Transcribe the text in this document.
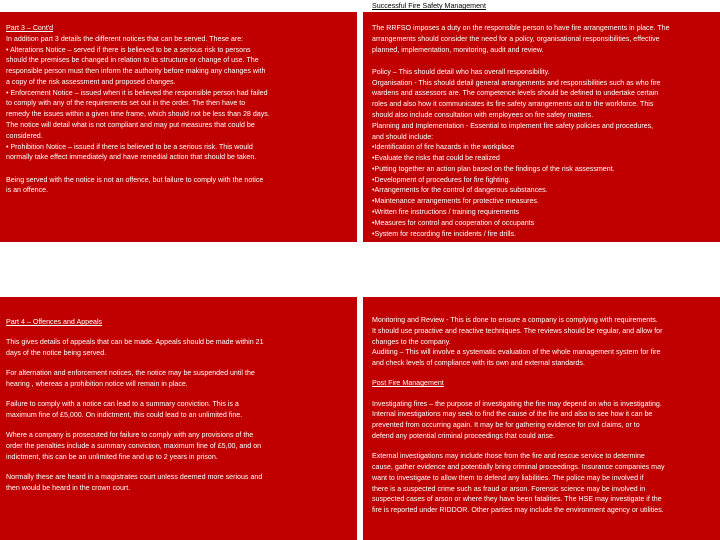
Successful Fire Safety Management
Part 3 – Cont'd
In addition part 3 details the different notices that can be served. These are:
• Alterations Notice – served if there is believed to be a serious risk to persons
should the premises be changed in relation to its structure or change of use. The
responsible person must then inform the authority before making any changes with
a copy of the risk assessment and proposed changes.
• Enforcement Notice – issued when it is believed the responsible person had failed
to comply with any of the requirements set out in the order. The then have to
remedy the issues within a given time frame, which should not be less than 28 days.
The notice will detail what is not compliant and may put measures that could be
considered.
• Prohibition Notice – issued if there is believed to be a serious risk. This would
normally take effect immediately and have remedial action that should be taken.
Being served with the notice is not an offence, but failure to comply with the notice
is an offence.
The RRFSO imposes a duty on the responsible person to have fire arrangements in place. The
arrangements should consider the need for a policy, organisational responsibilities, effective
planned, implementation, monitoring, audit and review.
Policy – This should detail who has overall responsibility.
Organisation - This should detail general arrangements and responsibilities such as who fire
wardens and assessors are. The competence levels should be defined to undertake certain
roles and also how it communicates its fire safety arrangements out to the workforce. This
should also include consultation with employees on fire safety matters.
Planning and Implementation - Essential to implement fire safety policies and procedures,
and should include:
•Identification of fire hazards in the workplace
•Evaluate the risks that could be realized
•Putting together an action plan based on the findings of the risk assessment.
•Development of procedures for fire fighting.
•Arrangements for the control of dangerous substances.
•Maintenance arrangements for protective measures.
•Written fire instructions / training requirements
•Measures for control and cooperation of occupants
•System for recording fire incidents / fire drills.
Part 4 – Offences and Appeals
This gives details of appeals that can be made. Appeals should be made within 21
days of the notice being served.
For alternation and enforcement notices, the notice may be suspended until the
hearing , whereas a prohibition notice will remain in place.
Failure to comply with a notice can lead to a summary conviction. This is a
maximum fine of £5,000. On indictment, this could lead to an unlimited fine.
Where a company is prosecuted for failure to comply with any provisions of the
order the penalties include a summary conviction, maximum fine of £5,00, and on
indictment, this can be an unlimited fine and up to 2 years in prison.
Normally these are heard in a magistrates court unless deemed more serious and
then would be heard in the crown court.
Monitoring and Review - This is done to ensure a company is complying with requirements.
It should use proactive and reactive techniques. The reviews should be regular, and allow for
changes to the company.
Auditing – This will involve a systematic evaluation of the whole management system for fire
and check levels of compliance with its own and external standards.
Post Fire Management
Investigating fires – the purpose of investigating the fire may depend on who is investigating.
Internal investigations may seek to find the cause of the fire and also to see how it can be
prevented from occurring again. It may be for gathering evidence for civil claims, or to
defend any potential criminal proceedings that could arise.
External investigations may include those from the fire and rescue service to determine
cause, gather evidence and potentially bring criminal proceedings. Insurance companies may
want to investigate to allow them to defend any liabilities. The police may be involved if
there is a suspected crime such as fraud or arson. Forensic science may be involved in
suspected cases of arson or where they have been fatalities. The HSE may investigate if the
fire is reported under RIDDOR. Other parties may include the environment agency or utilities.
